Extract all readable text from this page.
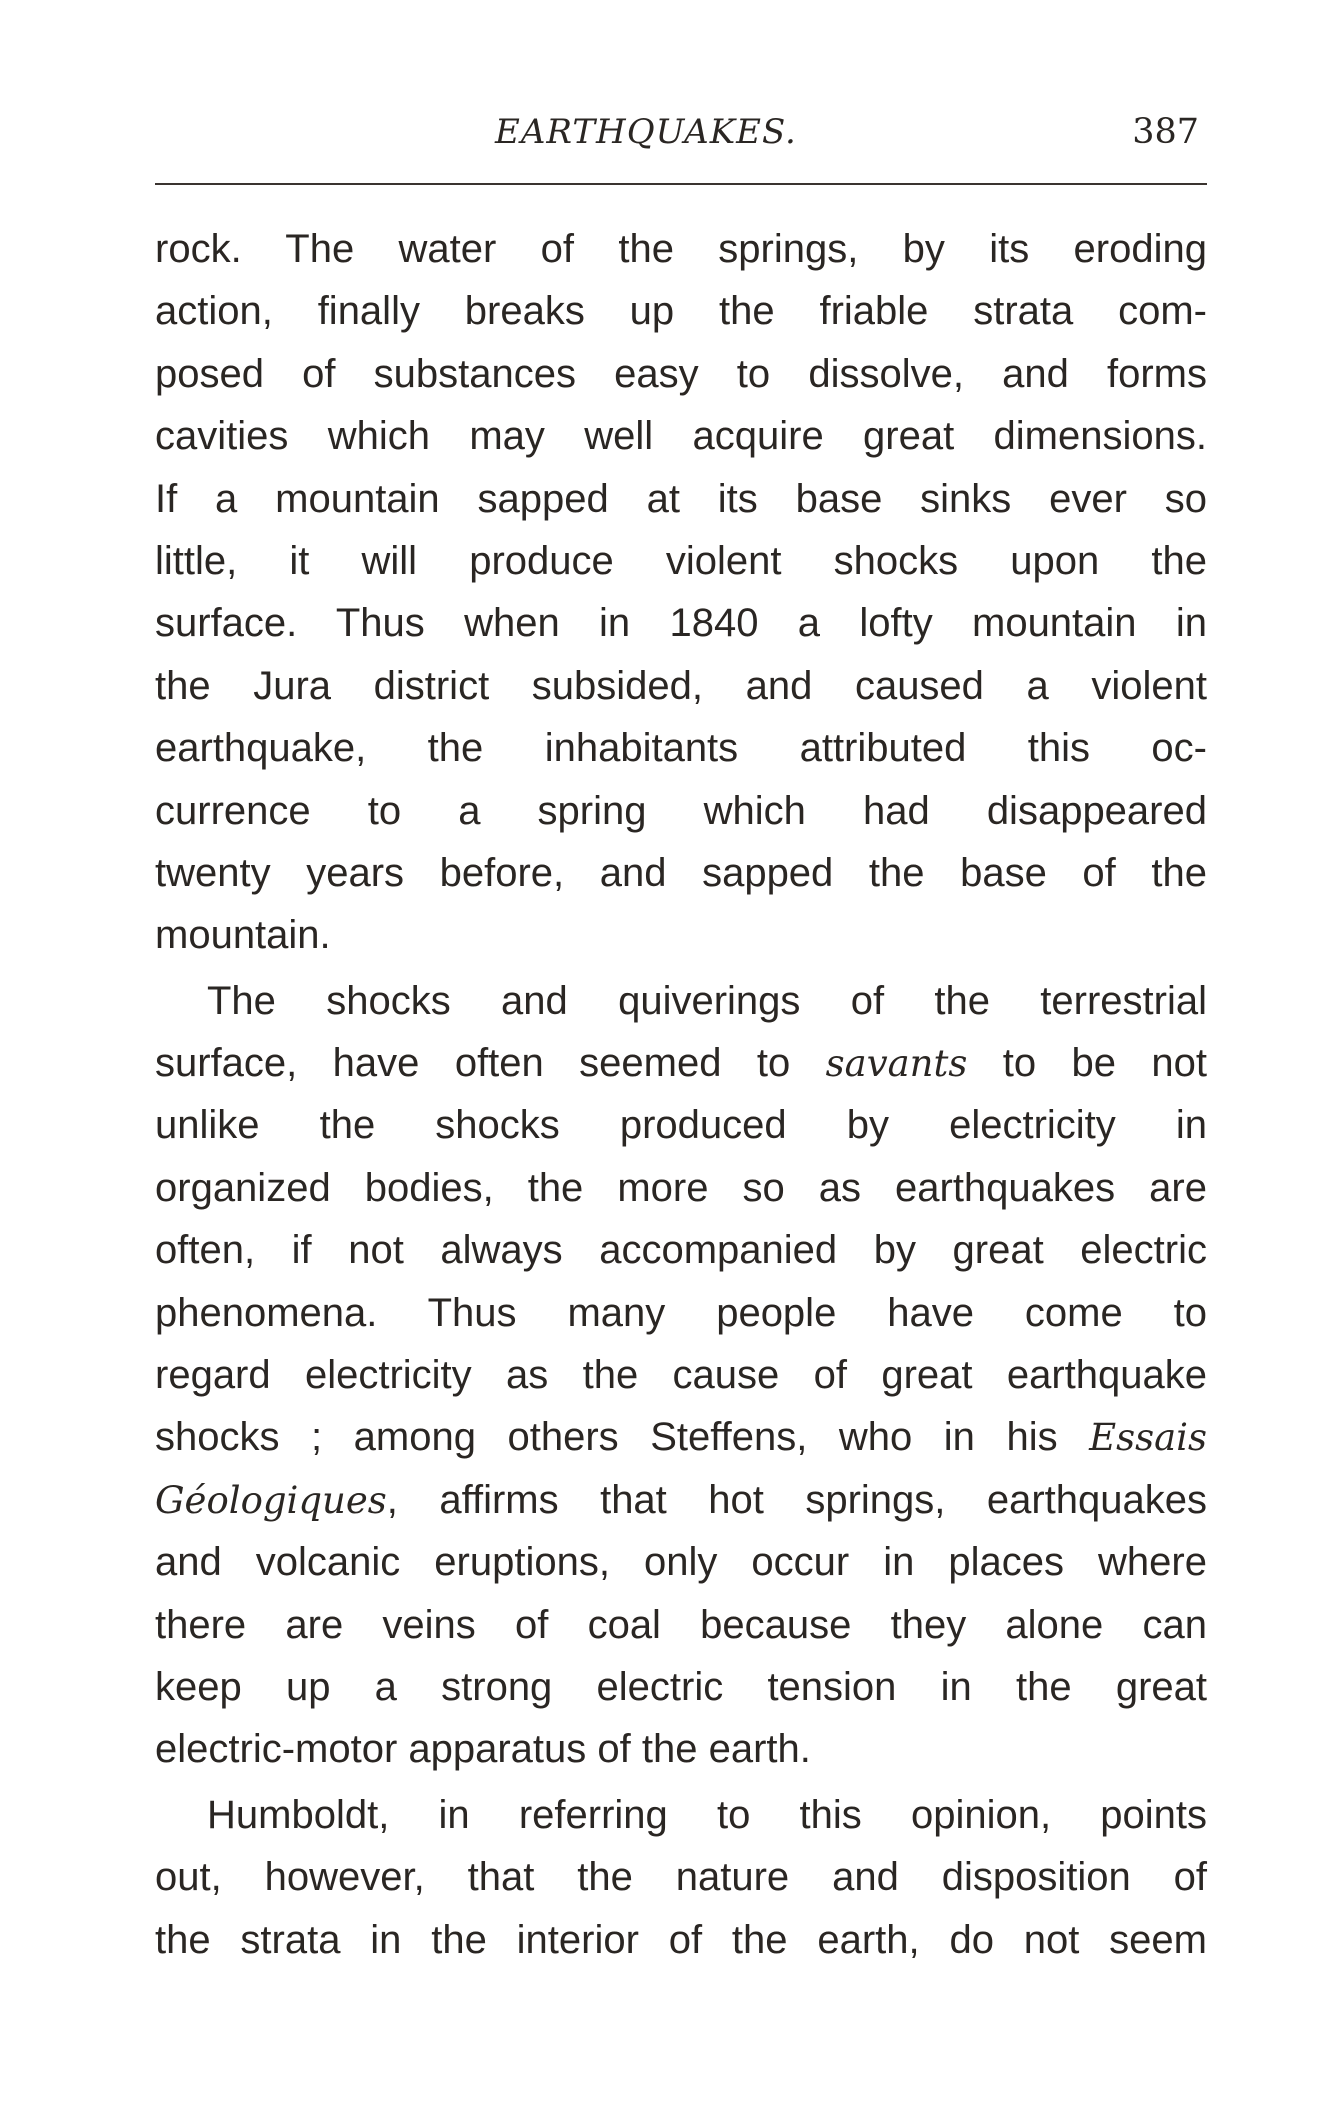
EARTHQUAKES.	387
rock. The water of the springs, by its eroding
action, finally breaks up the friable strata com-
posed of substances easy to dissolve, and forms
cavities which may well acquire great dimensions.
If a mountain sapped at its base sinks ever so
little, it will produce violent shocks upon the
surface. Thus when in 1840 a lofty mountain in
the Jura district subsided, and caused a violent
earthquake, the inhabitants attributed this oc-
currence to a spring which had disappeared
twenty years before, and sapped the base of the
mountain.
The shocks and quiverings of the terrestrial
surface, have often seemed to savants to be not
unlike the shocks produced by electricity in
organized bodies, the more so as earthquakes are
often, if not always accompanied by great electric
phenomena. Thus many people have come to
regard electricity as the cause of great earthquake
shocks ; among others Steffens, who in his Essais
Géologiques, affirms that hot springs, earthquakes
and volcanic eruptions, only occur in places where
there are veins of coal because they alone can
keep up a strong electric tension in the great
electric-motor apparatus of the earth.
Humboldt, in referring to this opinion, points
out, however, that the nature and disposition of
the strata in the interior of the earth, do not seem
